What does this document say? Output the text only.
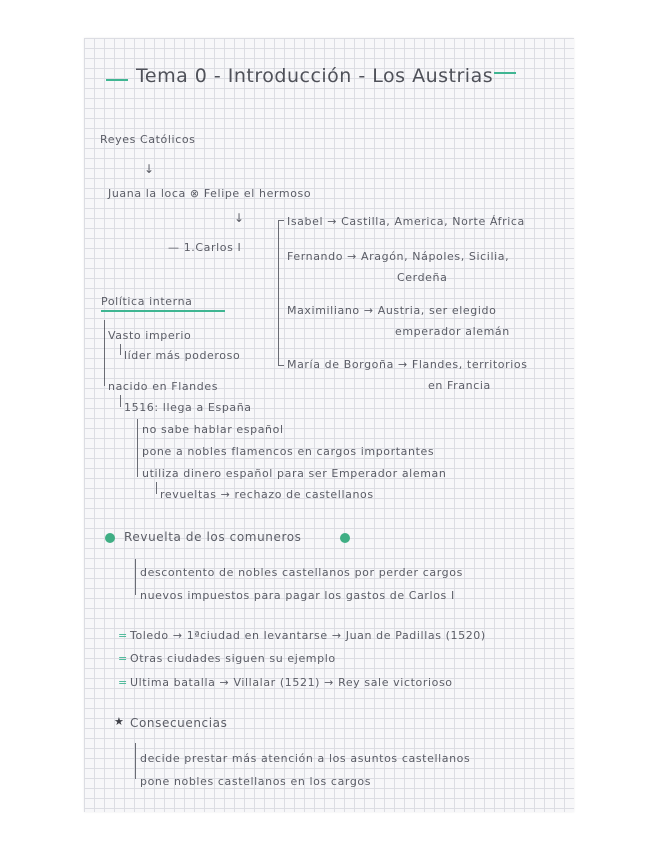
Tema 0 - Introducción - Los Austrias
Reyes Católicos
↓
Juana la loca ⊗ Felipe el hermoso
↓
— 1.Carlos I
Isabel → Castilla, America, Norte África
Fernando → Aragón, Nápoles, Sicilia,
Cerdeña
Maximiliano → Austria, ser elegido
emperador alemán
María de Borgoña → Flandes, territorios
en Francia
Política interna
Vasto imperio
líder más poderoso
nacido en Flandes
1516: llega a España
no sabe hablar español
pone a nobles flamencos en cargos importantes
utiliza dinero español para ser Emperador aleman
revueltas → rechazo de castellanos
Revuelta de los comuneros
descontento de nobles castellanos por perder cargos
nuevos impuestos para pagar los gastos de Carlos I
= Toledo → 1ªciudad en levantarse → Juan de Padillas (1520)
= Otras ciudades siguen su ejemplo
= Ultima batalla → Villalar (1521) → Rey sale victorioso
★ Consecuencias
decide prestar más atención a los asuntos castellanos
pone nobles castellanos en los cargos
